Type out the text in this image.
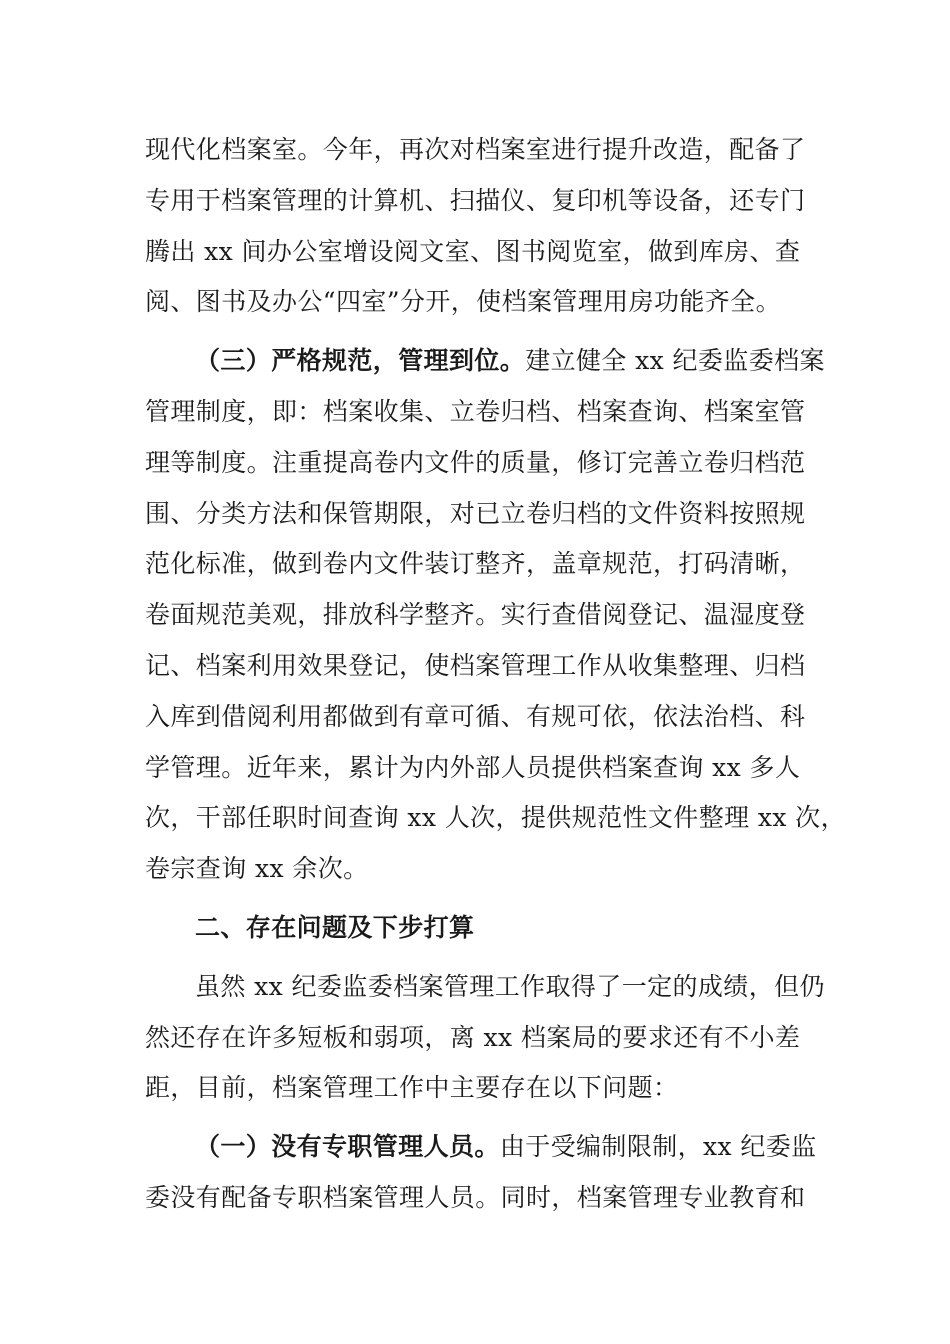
现代化档案室。今年，再次对档案室进行提升改造，配备了
专用于档案管理的计算机、扫描仪、复印机等设备，还专门
腾出 xx 间办公室增设阅文室、图书阅览室，做到库房、查
阅、图书及办公“四室”分开，使档案管理用房功能齐全。
（三）严格规范，管理到位。建立健全 xx 纪委监委档案
管理制度，即：档案收集、立卷归档、档案查询、档案室管
理等制度。注重提高卷内文件的质量，修订完善立卷归档范
围、分类方法和保管期限，对已立卷归档的文件资料按照规
范化标准，做到卷内文件装订整齐，盖章规范，打码清晰，
卷面规范美观，排放科学整齐。实行查借阅登记、温湿度登
记、档案利用效果登记，使档案管理工作从收集整理、归档
入库到借阅利用都做到有章可循、有规可依，依法治档、科
学管理。近年来，累计为内外部人员提供档案查询 xx 多人
次，干部任职时间查询 xx 人次，提供规范性文件整理 xx 次，
卷宗查询 xx 余次。
二、存在问题及下步打算
虽然 xx 纪委监委档案管理工作取得了一定的成绩，但仍
然还存在许多短板和弱项，离 xx 档案局的要求还有不小差
距，目前，档案管理工作中主要存在以下问题：
（一）没有专职管理人员。由于受编制限制，xx 纪委监
委没有配备专职档案管理人员。同时，档案管理专业教育和
